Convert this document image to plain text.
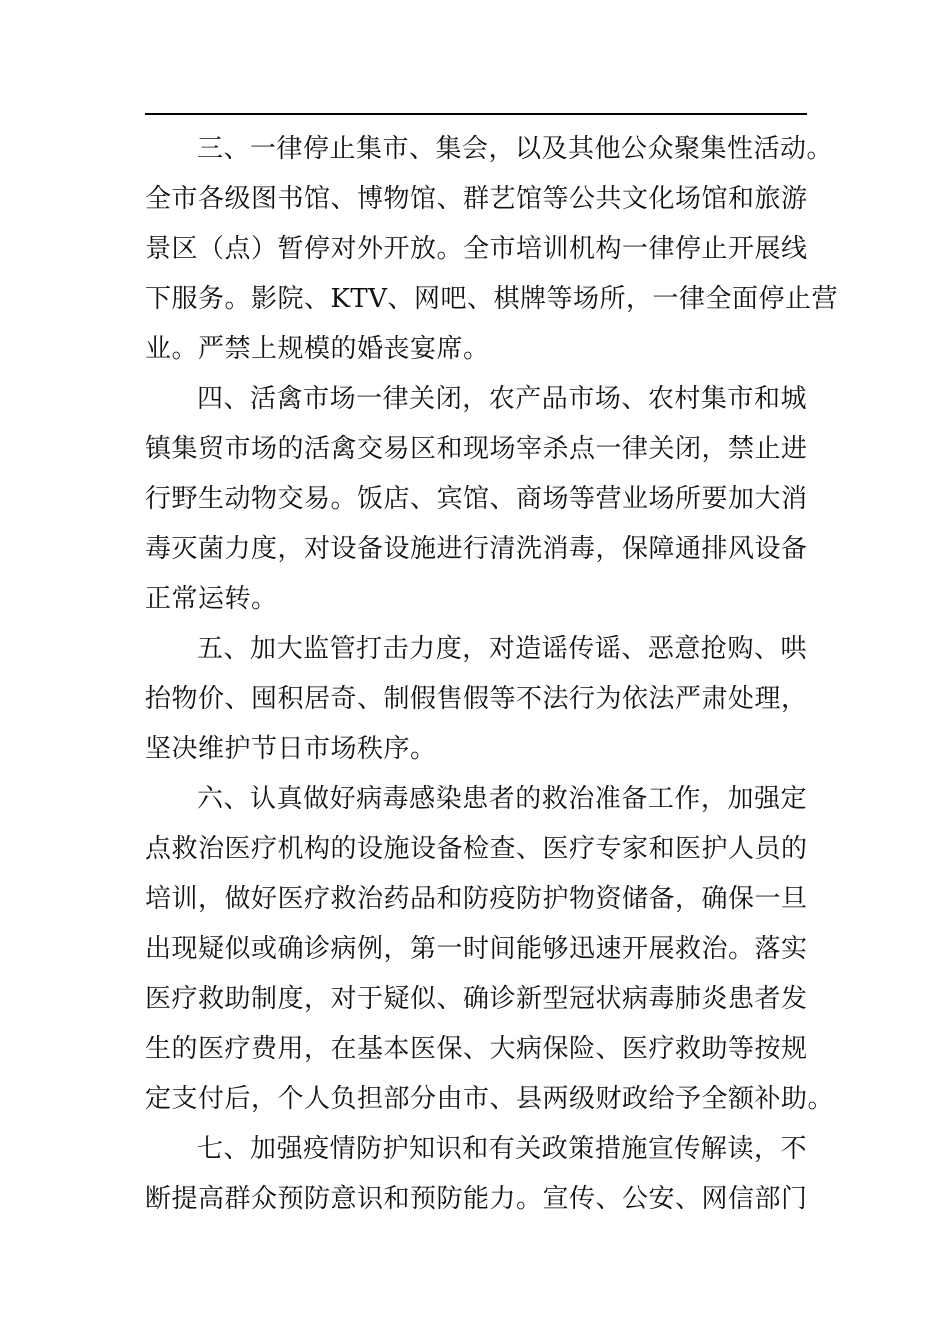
三、一律停止集市、集会，以及其他公众聚集性活动。
全市各级图书馆、博物馆、群艺馆等公共文化场馆和旅游
景区（点）暂停对外开放。全市培训机构一律停止开展线
下服务。影院、KTV、网吧、棋牌等场所，一律全面停止营
业。严禁上规模的婚丧宴席。
四、活禽市场一律关闭，农产品市场、农村集市和城
镇集贸市场的活禽交易区和现场宰杀点一律关闭，禁止进
行野生动物交易。饭店、宾馆、商场等营业场所要加大消
毒灭菌力度，对设备设施进行清洗消毒，保障通排风设备
正常运转。
五、加大监管打击力度，对造谣传谣、恶意抢购、哄
抬物价、囤积居奇、制假售假等不法行为依法严肃处理，
坚决维护节日市场秩序。
六、认真做好病毒感染患者的救治准备工作，加强定
点救治医疗机构的设施设备检查、医疗专家和医护人员的
培训，做好医疗救治药品和防疫防护物资储备，确保一旦
出现疑似或确诊病例，第一时间能够迅速开展救治。落实
医疗救助制度，对于疑似、确诊新型冠状病毒肺炎患者发
生的医疗费用，在基本医保、大病保险、医疗救助等按规
定支付后，个人负担部分由市、县两级财政给予全额补助。
七、加强疫情防护知识和有关政策措施宣传解读，不
断提高群众预防意识和预防能力。宣传、公安、网信部门
